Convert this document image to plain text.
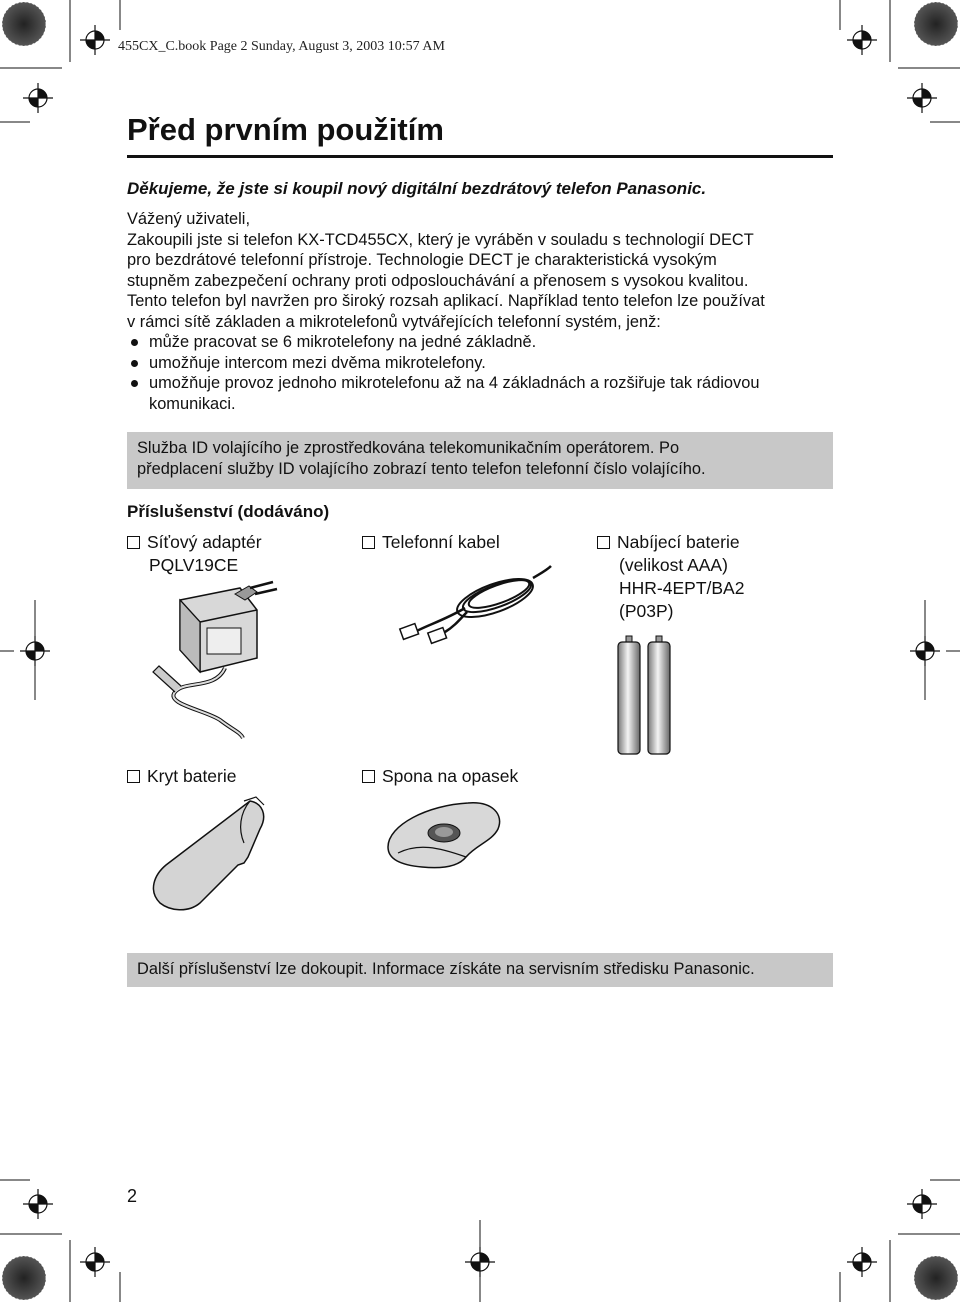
455CX_C.book Page 2 Sunday, August 3, 2003 10:57 AM
Před prvním použitím
Děkujeme, že jste si koupil nový digitální bezdrátový telefon Panasonic.

Vážený uživateli,

Zakoupili jste si telefon KX-TCD455CX, který je vyráběn v souladu s technologií DECT

pro bezdrátové telefonní přístroje. Technologie DECT je charakteristická vysokým

stupněm zabezpečení ochrany proti odposlouchávání a přenosem s vysokou kvalitou.

Tento telefon byl navržen pro široký rozsah aplikací. Například tento telefon lze používat

v rámci sítě základen a mikrotelefonů vytvářejících telefonní systém, jenž:

může pracovat se 6 mikrotelefony na jedné základně.
umožňuje intercom mezi dvěma mikrotelefony.
umožňuje provoz jednoho mikrotelefonu až na 4 základnách a rozšiřuje tak rádiovou

komunikaci.

Služba ID volajícího je zprostředkována telekomunikačním operátorem. Po

předplacení služby ID volajícího zobrazí tento telefon telefonní číslo volajícího.

Příslušenství (dodáváno)
Síťový adaptér
PQLV19CE
Telefonní kabel	Nabíjecí baterie
(velikost AAA)
HHR-4EPT/BA2
(P03P)
Kryt baterie	Spona na opasek
Další příslušenství lze dokoupit. Informace získáte na servisním středisku Panasonic.
2
